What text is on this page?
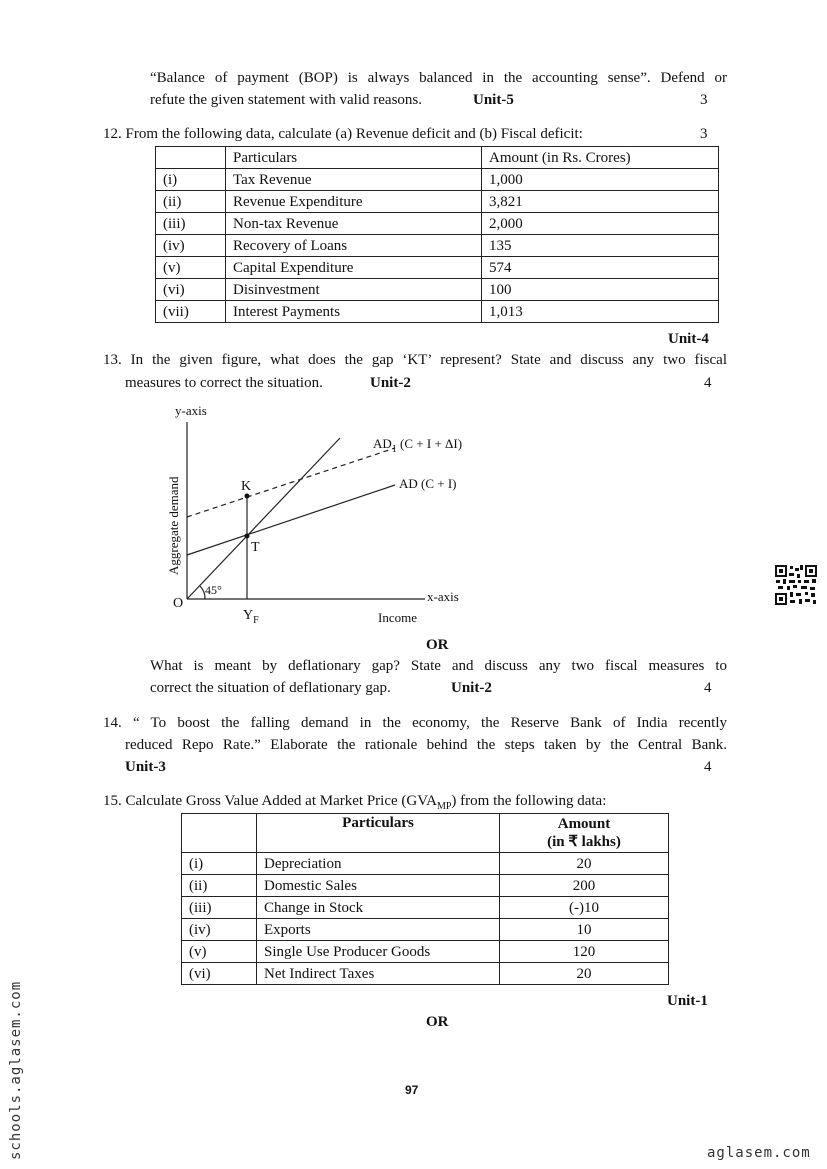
“Balance of payment (BOP) is always balanced in the accounting sense”. Defend or
refute the given statement with valid reasons.	Unit-5	3
12. From the following data, calculate (a) Revenue deficit and (b) Fiscal deficit:	3
	Particulars	Amount (in Rs. Crores)
(i)	Tax Revenue	1,000
(ii)	Revenue Expenditure	3,821
(iii)	Non-tax Revenue	2,000
(iv)	Recovery of Loans	135
(v)	Capital Expenditure	574
(vi)	Disinvestment	100
(vii)	Interest Payments	1,013
Unit-4
13. In the given figure, what does the gap ‘KT’ represent? State and discuss any two fiscal
measures to correct the situation.	Unit-2	4
y-axis
x-axis
Income
Aggregate demand
O
45°
$Y_F$
K
T
$AD_1$ (C + I + ΔI)
AD (C + I)
OR
What is meant by deflationary gap? State and discuss any two fiscal measures to
correct the situation of deflationary gap.	Unit-2	4
14. “ To boost the falling demand in the economy, the Reserve Bank of India recently
reduced Repo Rate.” Elaborate the rationale behind the steps taken by the Central Bank.
Unit-3	4
15. Calculate Gross Value Added at Market Price $(GVA_{MP})$ from the following data:
	Particulars	Amount
(in ₹ lakhs)

(i)	Depreciation	20
(ii)	Domestic Sales	200
(iii)	Change in Stock	(-)10
(iv)	Exports	10
(v)	Single Use Producer Goods	120
(vi)	Net Indirect Taxes	20
Unit-1
OR
97
schools.aglasem.com	aglasem.com
